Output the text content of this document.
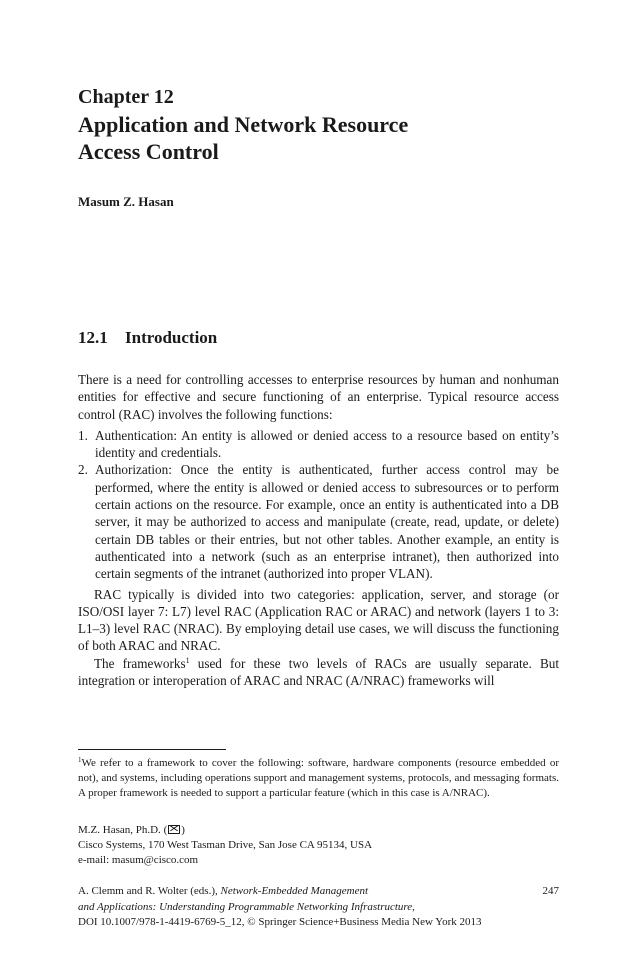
Chapter 12
Application and Network Resource
Access Control
Masum Z. Hasan
12.1 Introduction

There is a need for controlling accesses to enterprise resources by human and nonhuman entities for effective and secure functioning of an enterprise. Typical resource access control (RAC) involves the following functions:

1. Authentication: An entity is allowed or denied access to a resource based on entity’s identity and credentials.
2. Authorization: Once the entity is authenticated, further access control may be performed, where the entity is allowed or denied access to subresources or to perform certain actions on the resource. For example, once an entity is authenticated into a DB server, it may be authorized to access and manipulate (create, read, update, or delete) certain DB tables or their entries, but not other tables. Another example, an entity is authenticated into a network (such as an enterprise intranet), then authorized into certain segments of the intranet (authorized into proper VLAN).

RAC typically is divided into two categories: application, server, and storage (or ISO/OSI layer 7: L7) level RAC (Application RAC or ARAC) and network (layers 1 to 3: L1–3) level RAC (NRAC). By employing detail use cases, we will discuss the functioning of both ARAC and NRAC.

The frameworks$^1$ used for these two levels of RACs are usually separate. But integration or interoperation of ARAC and NRAC (A/NRAC) frameworks will

$^1$We refer to a framework to cover the following: software, hardware components (resource embedded or not), and systems, including operations support and management systems, protocols, and messaging formats. A proper framework is needed to support a particular feature (which in this case is A/NRAC).
M.Z. Hasan, Ph.D. ( )
Cisco Systems, 170 West Tasman Drive, San Jose CA 95134, USA
e-mail: masum@cisco.com
A. Clemm and R. Wolter (eds.), Network-Embedded Management	247
and Applications: Understanding Programmable Networking Infrastructure,
DOI 10.1007/978-1-4419-6769-5_12, © Springer Science+Business Media New York 2013
